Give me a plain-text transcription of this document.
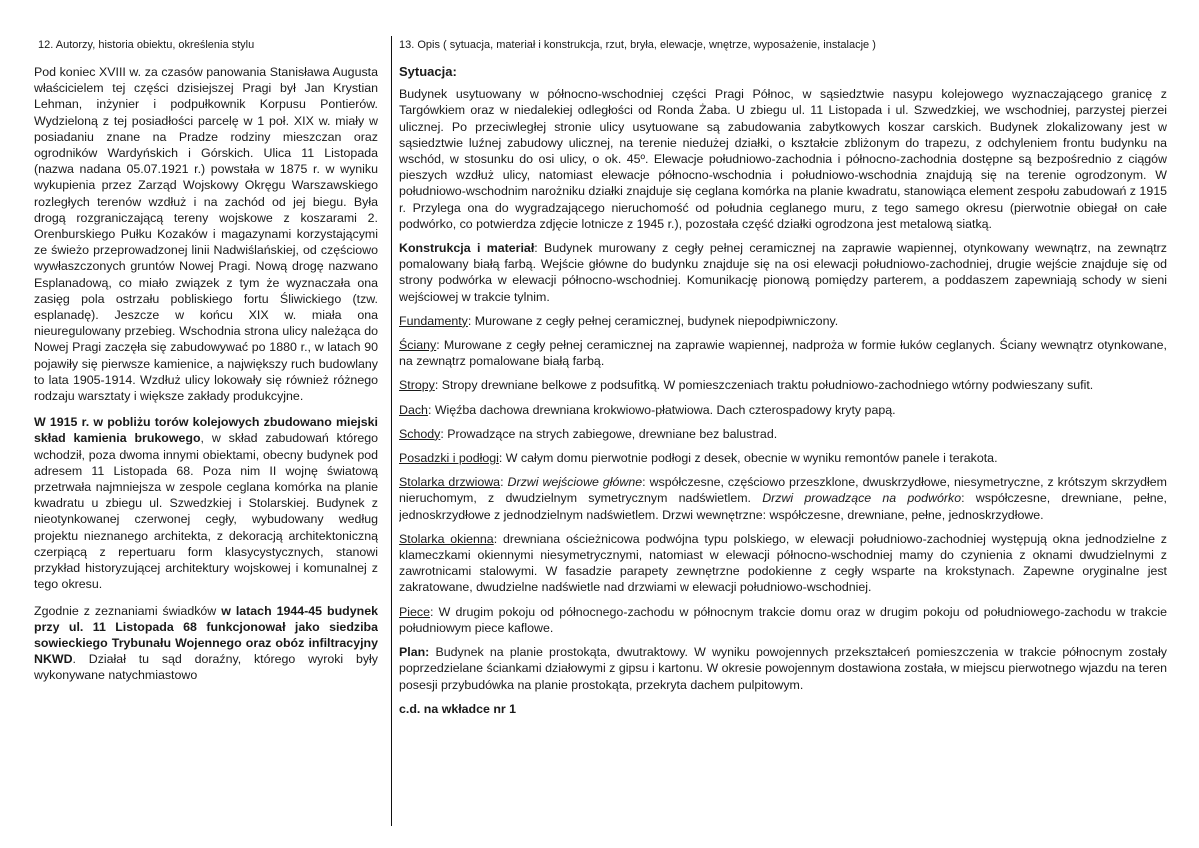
12. Autorzy, historia obiektu, określenia stylu

Pod koniec XVIII w. za czasów panowania Stanisława Augusta właścicielem tej części dzisiejszej Pragi był Jan Krystian Lehman, inżynier i podpułkownik Korpusu Pontierów. Wydzieloną z tej posiadłości parcelę w 1 poł. XIX w. miały w posiadaniu znane na Pradze rodziny mieszczan oraz ogrodników Wardyńskich i Górskich. Ulica 11 Listopada (nazwa nadana 05.07.1921 r.) powstała w 1875 r. w wyniku wykupienia przez Zarząd Wojskowy Okręgu Warszawskiego rozległych terenów wzdłuż i na zachód od jej biegu. Była drogą rozgraniczającą tereny wojskowe z koszarami 2. Orenburskiego Pułku Kozaków i magazynami korzystającymi ze świeżo przeprowadzonej linii Nadwiślańskiej, od częściowo wywłaszczonych gruntów Nowej Pragi. Nową drogę nazwano Esplanadową, co miało związek z tym że wyznaczała ona zasięg pola ostrzału pobliskiego fortu Śliwickiego (tzw. esplanadę). Jeszcze w końcu XIX w. miała ona nieuregulowany przebieg. Wschodnia strona ulicy należąca do Nowej Pragi zaczęła się zabudowywać po 1880 r., w latach 90 pojawiły się pierwsze kamienice, a największy ruch budowlany to lata 1905-1914. Wzdłuż ulicy lokowały się również różnego rodzaju warsztaty i większe zakłady produkcyjne.

W 1915 r. w pobliżu torów kolejowych zbudowano miejski skład kamienia brukowego, w skład zabudowań którego wchodził, poza dwoma innymi obiektami, obecny budynek pod adresem 11 Listopada 68. Poza nim II wojnę światową przetrwała najmniejsza w zespole ceglana komórka na planie kwadratu u zbiegu ul. Szwedzkiej i Stolarskiej. Budynek z nieotynkowanej czerwonej cegły, wybudowany według projektu nieznanego architekta, z dekoracją architektoniczną czerpiącą z repertuaru form klasycystycznych, stanowi przykład historyzującej architektury wojskowej i komunalnej z tego okresu.

Zgodnie z zeznaniami świadków w latach 1944-45 budynek przy ul. 11 Listopada 68 funkcjonował jako siedziba sowieckiego Trybunału Wojennego oraz obóz infiltracyjny NKWD. Działał tu sąd doraźny, którego wyroki były wykonywane natychmiastowo

13. Opis ( sytuacja, materiał i konstrukcja, rzut, bryła, elewacje, wnętrze, wyposażenie, instalacje )
Sytuacja:

Budynek usytuowany w północno-wschodniej części Pragi Północ, w sąsiedztwie nasypu kolejowego wyznaczającego granicę z Targówkiem oraz w niedalekiej odległości od Ronda Żaba. U zbiegu ul. 11 Listopada i ul. Szwedzkiej, we wschodniej, parzystej pierzei ulicznej. Po przeciwległej stronie ulicy usytuowane są zabudowania zabytkowych koszar carskich. Budynek zlokalizowany jest w sąsiedztwie luźnej zabudowy ulicznej, na terenie niedużej działki, o kształcie zbliżonym do trapezu, z odchyleniem frontu budynku na wschód, w stosunku do osi ulicy, o ok. 45º. Elewacje południowo-zachodnia i północno-zachodnia dostępne są bezpośrednio z ciągów pieszych wzdłuż ulicy, natomiast elewacje północno-wschodnia i południowo-wschodnia znajdują się na terenie ogrodzonym. W południowo-wschodnim narożniku działki znajduje się ceglana komórka na planie kwadratu, stanowiąca element zespołu zabudowań z 1915 r. Przylega ona do wygradzającego nieruchomość od południa ceglanego muru, z tego samego okresu (pierwotnie obiegał on całe podwórko, co potwierdza zdjęcie lotnicze z 1945 r.), pozostała część działki ogrodzona jest metalową siatką.

Konstrukcja i materiał: Budynek murowany z cegły pełnej ceramicznej na zaprawie wapiennej, otynkowany wewnątrz, na zewnątrz pomalowany białą farbą. Wejście główne do budynku znajduje się na osi elewacji południowo-zachodniej, drugie wejście znajduje się od strony podwórka w elewacji północno-wschodniej. Komunikację pionową pomiędzy parterem, a poddaszem zapewniają schody w sieni wejściowej w trakcie tylnim.

Fundamenty: Murowane z cegły pełnej ceramicznej, budynek niepodpiwniczony.

Ściany: Murowane z cegły pełnej ceramicznej na zaprawie wapiennej, nadproża w formie łuków ceglanych. Ściany wewnątrz otynkowane, na zewnątrz pomalowane białą farbą.

Stropy: Stropy drewniane belkowe z podsufitką. W pomieszczeniach traktu południowo-zachodniego wtórny podwieszany sufit.

Dach: Więźba dachowa drewniana krokwiowo-płatwiowa. Dach czterospadowy kryty papą.

Schody: Prowadzące na strych zabiegowe, drewniane bez balustrad.

Posadzki i podłogi: W całym domu pierwotnie podłogi z desek, obecnie w wyniku remontów panele i terakota.

Stolarka drzwiowa: Drzwi wejściowe główne: współczesne, częściowo przeszklone, dwuskrzydłowe, niesymetryczne, z krótszym skrzydłem nieruchomym, z dwudzielnym symetrycznym nadświetlem. Drzwi prowadzące na podwórko: współczesne, drewniane, pełne, jednoskrzydłowe z jednodzielnym nadświetlem. Drzwi wewnętrzne: współczesne, drewniane, pełne, jednoskrzydłowe.

Stolarka okienna: drewniana ościeżnicowa podwójna typu polskiego, w elewacji południowo-zachodniej występują okna jednodzielne z klameczkami okiennymi niesymetrycznymi, natomiast w elewacji północno-wschodniej mamy do czynienia z oknami dwudzielnymi z zawrotnicami stalowymi. W fasadzie parapety zewnętrzne podokienne z cegły wsparte na krokstynach. Zapewne oryginalne jest zakratowane, dwudzielne nadświetle nad drzwiami w elewacji południowo-wschodniej.

Piece: W drugim pokoju od północnego-zachodu w północnym trakcie domu oraz w drugim pokoju od południowego-zachodu w trakcie południowym piece kaflowe.

Plan: Budynek na planie prostokąta, dwutraktowy. W wyniku powojennych przekształceń pomieszczenia w trakcie północnym zostały poprzedzielane ściankami działowymi z gipsu i kartonu. W okresie powojennym dostawiona została, w miejscu pierwotnego wjazdu na teren posesji przybudówka na planie prostokąta, przekryta dachem pulpitowym.

c.d. na wkładce nr 1
